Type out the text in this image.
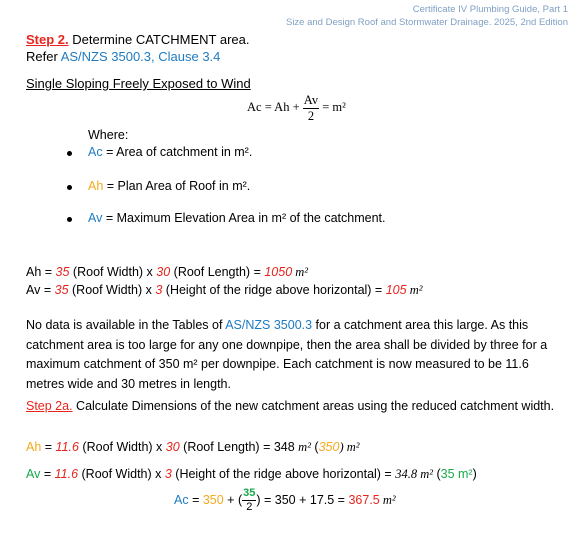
Certificate IV Plumbing Guide, Part 1
Size and Design Roof and Stormwater Drainage. 2025, 2nd Edition
Step 2. Determine CATCHMENT area.
Refer AS/NZS 3500.3, Clause 3.4
Single Sloping Freely Exposed to Wind
$Ac = Ah + \frac{Av}{2} = m^2$
Where:
Ac = Area of catchment in m².
Ah = Plan Area of Roof in m².
Av = Maximum Elevation Area in m² of the catchment.
Ah = 35 (Roof Width) x 30 (Roof Length) = 1050 m²
Av = 35 (Roof Width) x 3 (Height of the ridge above horizontal) = 105 m²
No data is available in the Tables of AS/NZS 3500.3 for a catchment area this large. As this catchment area is too large for any one downpipe, then the area shall be divided by three for a maximum catchment of 350 m² per downpipe. Each catchment is now measured to be 11.6 metres wide and 30 metres in length.
Step 2a. Calculate Dimensions of the new catchment areas using the reduced catchment width.
Ah = 11.6 (Roof Width) x 30 (Roof Length) = 348 m² (350) m²
Av = 11.6 (Roof Width) x 3 (Height of the ridge above horizontal) = 34.8 m² (35 m²)
Ac = 350 + ( $\frac{35}{2}$ ) = 350 + 17.5 = 367.5 m²
